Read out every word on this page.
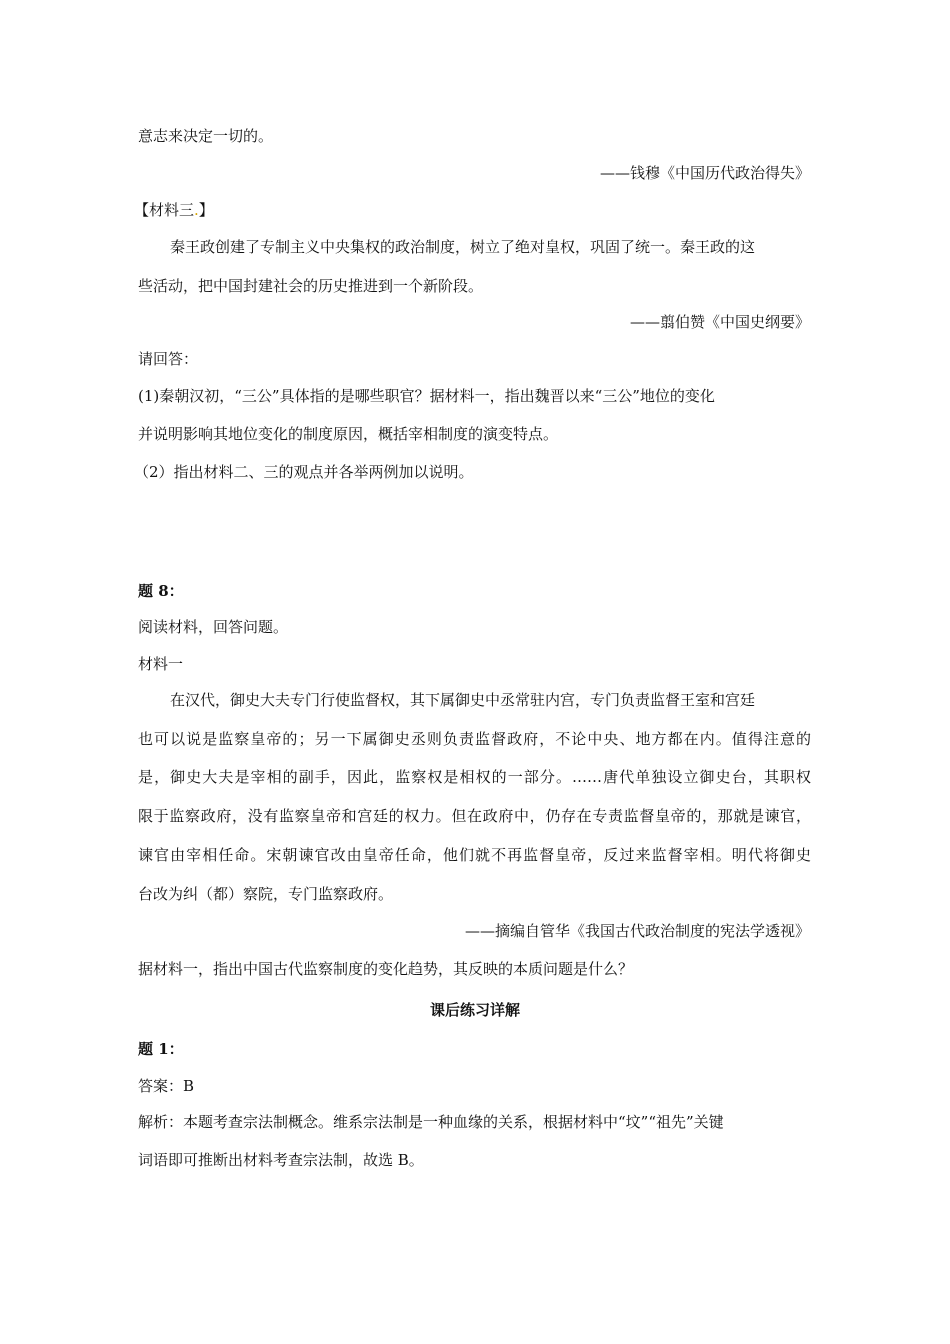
意志来决定一切的。
——钱穆《中国历代政治得失》
【材料三.】
秦王政创建了专制主义中央集权的政治制度，树立了绝对皇权，巩固了统一。秦王政的这
些活动，把中国封建社会的历史推进到一个新阶段。
——翦伯赞《中国史纲要》
请回答：
(1)秦朝汉初，“三公”具体指的是哪些职官？据材料一，指出魏晋以来“三公”地位的变化
并说明影响其地位变化的制度原因，概括宰相制度的演变特点。
（2）指出材料二、三的观点并各举两例加以说明。
题 8：
阅读材料，回答问题。
材料一
在汉代，御史大夫专门行使监督权，其下属御史中丞常驻内宫，专门负责监督王室和宫廷
也可以说是监察皇帝的；另一下属御史丞则负责监督政府，不论中央、地方都在内。值得注意的
是，御史大夫是宰相的副手，因此，监察权是相权的一部分。……唐代单独设立御史台，其职权
限于监察政府，没有监察皇帝和宫廷的权力。但在政府中，仍存在专责监督皇帝的，那就是谏官，
谏官由宰相任命。宋朝谏官改由皇帝任命，他们就不再监督皇帝，反过来监督宰相。明代将御史
台改为纠（都）察院，专门监察政府。
——摘编自管华《我国古代政治制度的宪法学透视》
据材料一，指出中国古代监察制度的变化趋势，其反映的本质问题是什么？
课后练习详解
题 1：
答案：B
解析：本题考查宗法制概念。维系宗法制是一种血缘的关系，根据材料中“坟”“祖先”关键
词语即可推断出材料考查宗法制，故选 B。
